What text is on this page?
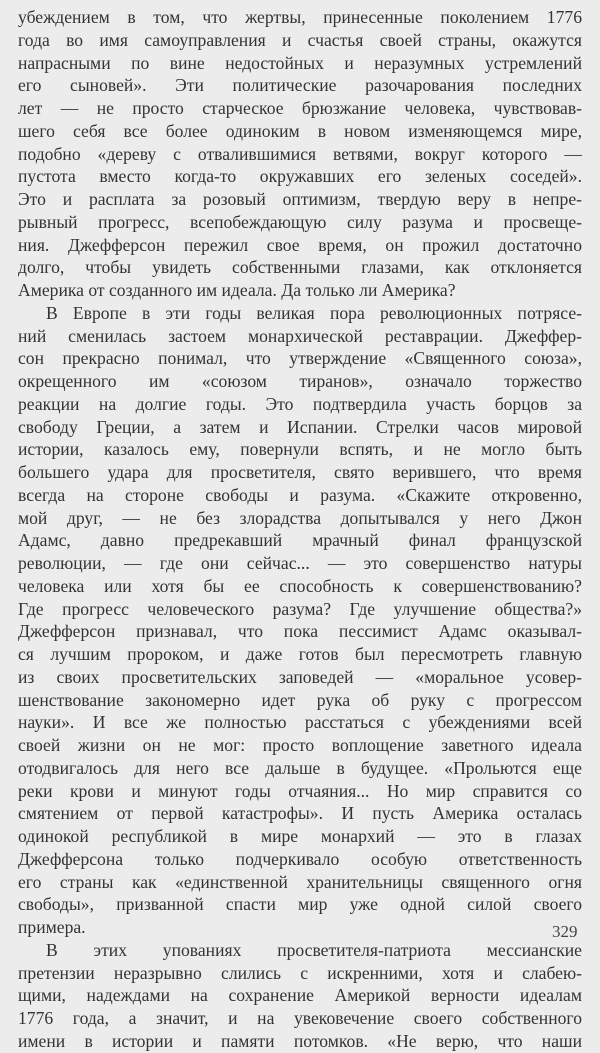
убеждением в том, что жертвы, принесенные поколением 1776
года во имя самоуправления и счастья своей страны, окажутся
напрасными по вине недостойных и неразумных устремлений
его сыновей». Эти политические разочарования последних
лет — не просто старческое брюзжание человека, чувствовав-
шего себя все более одиноким в новом изменяющемся мире,
подобно «дереву с отвалившимися ветвями, вокруг которого —
пустота вместо когда-то окружавших его зеленых соседей».
Это и расплата за розовый оптимизм, твердую веру в непре-
рывный прогресс, всепобеждающую силу разума и просвеще-
ния. Джефферсон пережил свое время, он прожил достаточно
долго, чтобы увидеть собственными глазами, как отклоняется
Америка от созданного им идеала. Да только ли Америка?
В Европе в эти годы великая пора революционных потрясе-
ний сменилась застоем монархической реставрации. Джеффер-
сон прекрасно понимал, что утверждение «Священного союза»,
окрещенного им «союзом тиранов», означало торжество
реакции на долгие годы. Это подтвердила участь борцов за
свободу Греции, а затем и Испании. Стрелки часов мировой
истории, казалось ему, повернули вспять, и не могло быть
большего удара для просветителя, свято верившего, что время
всегда на стороне свободы и разума. «Скажите откровенно,
мой друг, — не без злорадства допытывался у него Джон
Адамс, давно предрекавший мрачный финал французской
революции, — где они сейчас... — это совершенство натуры
человека или хотя бы ее способность к совершенствованию?
Где прогресс человеческого разума? Где улучшение общества?»
Джефферсон признавал, что пока пессимист Адамс оказывал-
ся лучшим пророком, и даже готов был пересмотреть главную
из своих просветительских заповедей — «моральное усовер-
шенствование закономерно идет рука об руку с прогрессом
науки». И все же полностью расстаться с убеждениями всей
своей жизни он не мог: просто воплощение заветного идеала
отодвигалось для него все дальше в будущее. «Прольются еще
реки крови и минуют годы отчаяния... Но мир справится со
смятением от первой катастрофы». И пусть Америка осталась
одинокой республикой в мире монархий — это в глазах
Джефферсона только подчеркивало особую ответственность
его страны как «единственной хранительницы священного огня
свободы», призванной спасти мир уже одной силой своего
примера.
В этих упованиях просветителя-патриота мессианские
претензии неразрывно слились с искренними, хотя и слабею-
щими, надеждами на сохранение Америкой верности идеалам
1776 года, а значит, и на увековечение своего собственного
имени в истории и памяти потомков. «Не верю, что наши
329
